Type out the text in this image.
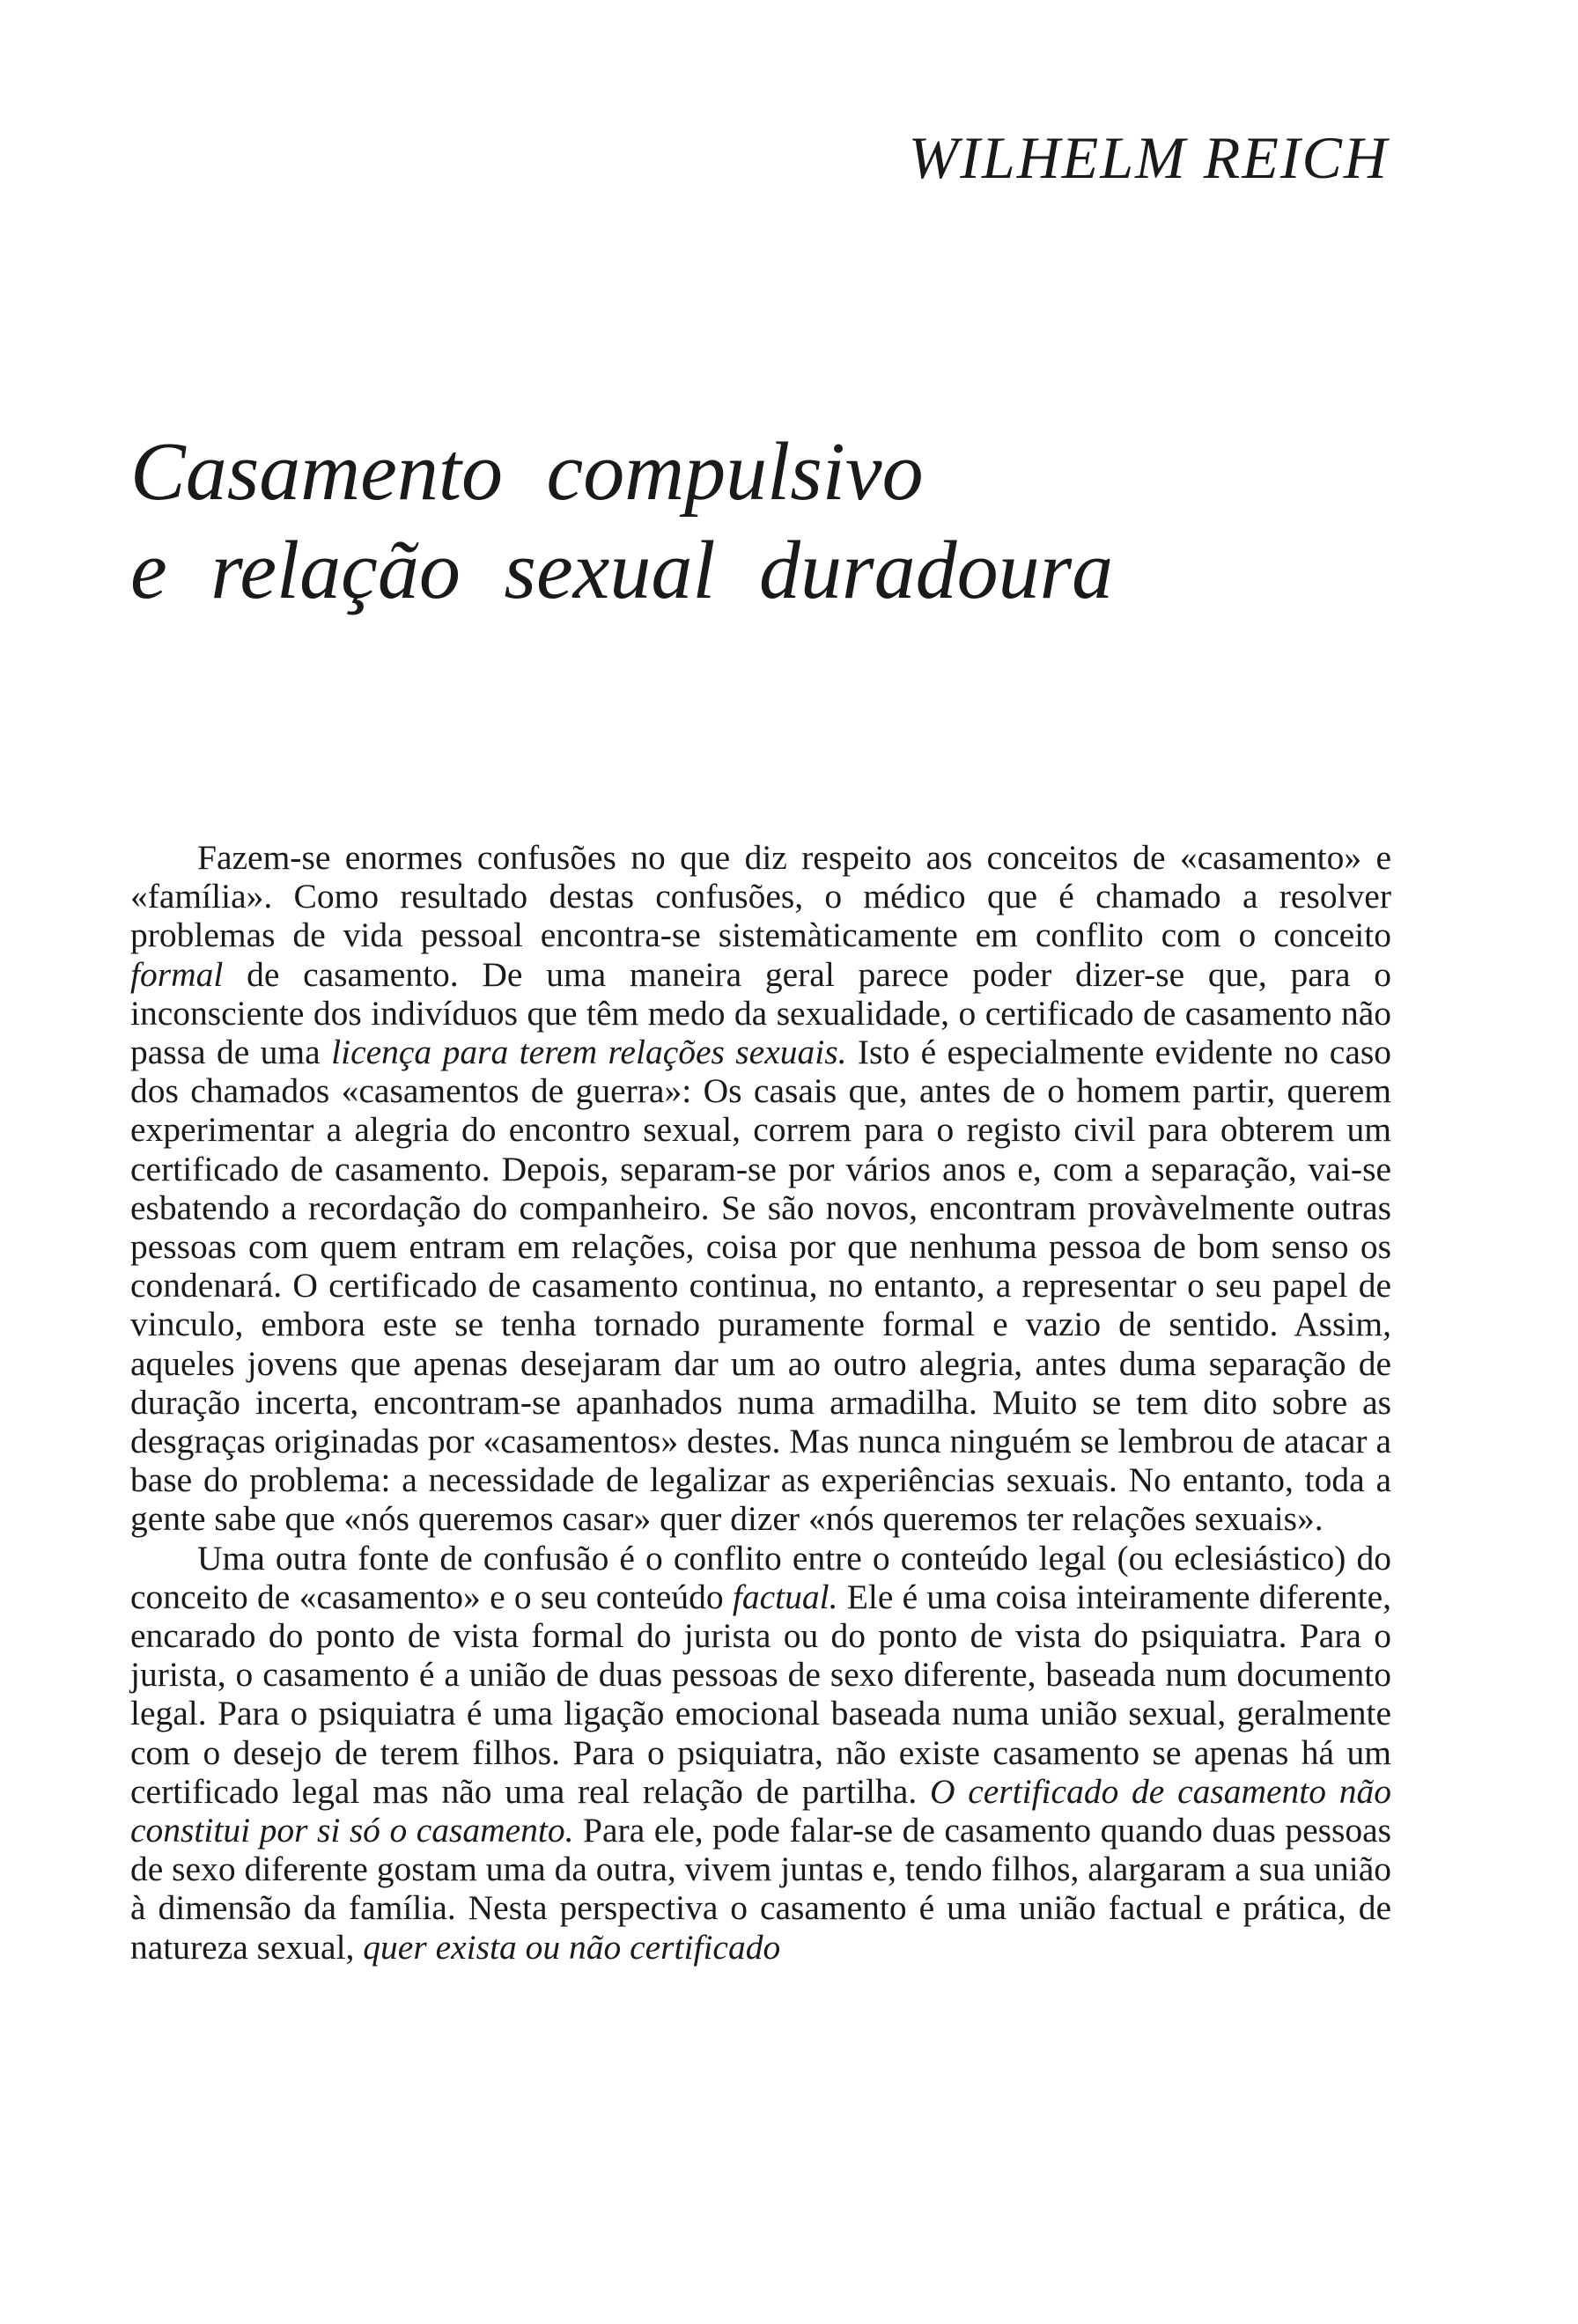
WILHELM REICH
Casamento compulsivo
e relação sexual duradoura

Fazem-se enormes confusões no que diz respeito aos conceitos de «casamento» e «família». Como resultado destas confusões, o médico que é chamado a resolver problemas de vida pessoal encontra-se sistemàticamente em conflito com o conceito formal de casamento. De uma maneira geral parece poder dizer-se que, para o inconsciente dos indivíduos que têm medo da sexualidade, o certificado de casamento não passa de uma licença para terem relações sexuais. Isto é especialmente evidente no caso dos chamados «casamentos de guerra»: Os casais que, antes de o homem partir, querem experimentar a alegria do encontro sexual, correm para o registo civil para obterem um certificado de casamento. Depois, separam-se por vários anos e, com a separação, vai-se esbatendo a recordação do companheiro. Se são novos, encontram provàvelmente outras pessoas com quem entram em relações, coisa por que nenhuma pessoa de bom senso os condenará. O certificado de casamento continua, no entanto, a representar o seu papel de vinculo, embora este se tenha tornado puramente formal e vazio de sentido. Assim, aqueles jovens que apenas desejaram dar um ao outro alegria, antes duma separação de duração incerta, encontram-se apanhados numa armadilha. Muito se tem dito sobre as desgraças originadas por «casamentos» destes. Mas nunca ninguém se lembrou de atacar a base do problema: a necessidade de legalizar as experiências sexuais. No entanto, toda a gente sabe que «nós queremos casar» quer dizer «nós queremos ter relações sexuais».

Uma outra fonte de confusão é o conflito entre o conteúdo legal (ou eclesiástico) do conceito de «casamento» e o seu conteúdo factual. Ele é uma coisa inteiramente diferente, encarado do ponto de vista formal do jurista ou do ponto de vista do psiquiatra. Para o jurista, o casamento é a união de duas pessoas de sexo diferente, baseada num documento legal. Para o psiquiatra é uma ligação emocional baseada numa união sexual, geralmente com o desejo de terem filhos. Para o psiquiatra, não existe casamento se apenas há um certificado legal mas não uma real relação de partilha. O certificado de casamento não constitui por si só o casamento. Para ele, pode falar-se de casamento quando duas pessoas de sexo diferente gostam uma da outra, vivem juntas e, tendo filhos, alargaram a sua união à dimensão da família. Nesta perspectiva o casamento é uma união factual e prática, de natureza sexual, quer exista ou não certificado
